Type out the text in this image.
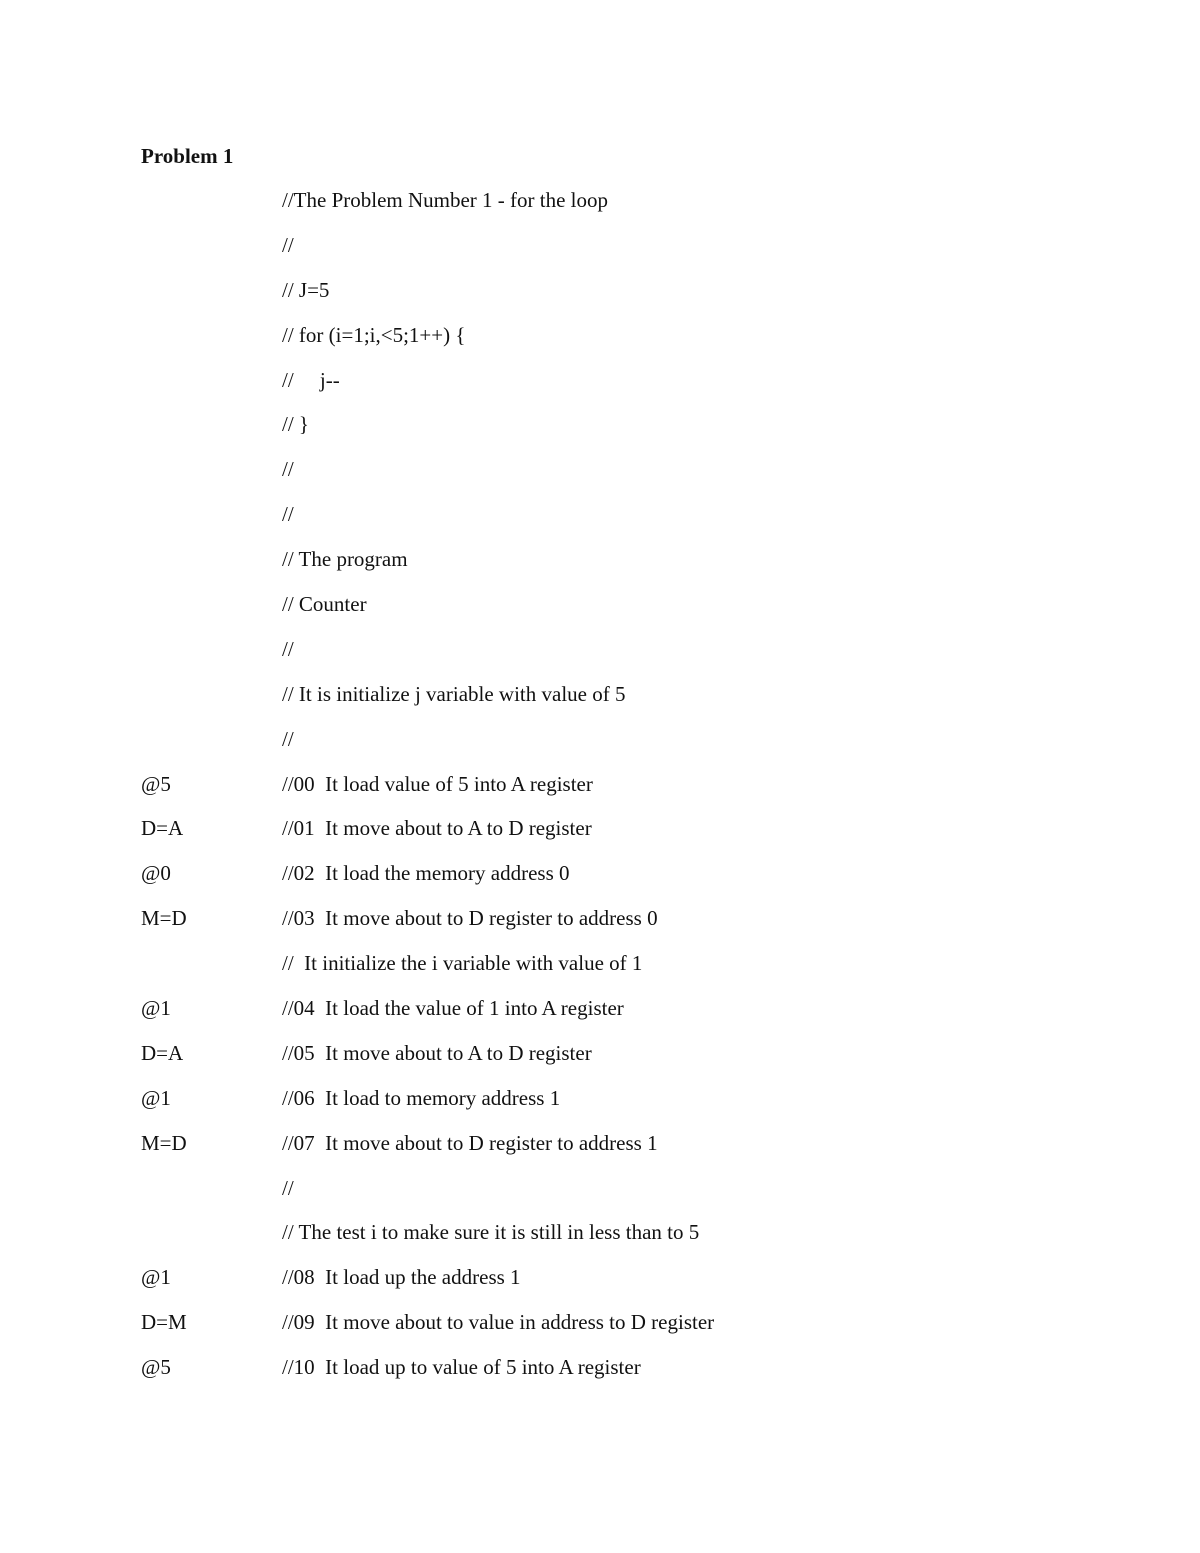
Problem 1
//The Problem Number 1 - for the loop
//
// J=5
// for (i=1;i,<5;1++) {
//     j--
// }
//
//
// The program
// Counter
//
// It is initialize j variable with value of 5
//
@5	//00  It load value of 5 into A register
D=A	//01  It move about to A to D register
@0	//02  It load the memory address 0
M=D	//03  It move about to D register to address 0
//  It initialize the i variable with value of 1
@1	//04  It load the value of 1 into A register
D=A	//05  It move about to A to D register
@1	//06  It load to memory address 1
M=D	//07  It move about to D register to address 1
//
// The test i to make sure it is still in less than to 5
@1	//08  It load up the address 1
D=M	//09  It move about to value in address to D register
@5	//10  It load up to value of 5 into A register
